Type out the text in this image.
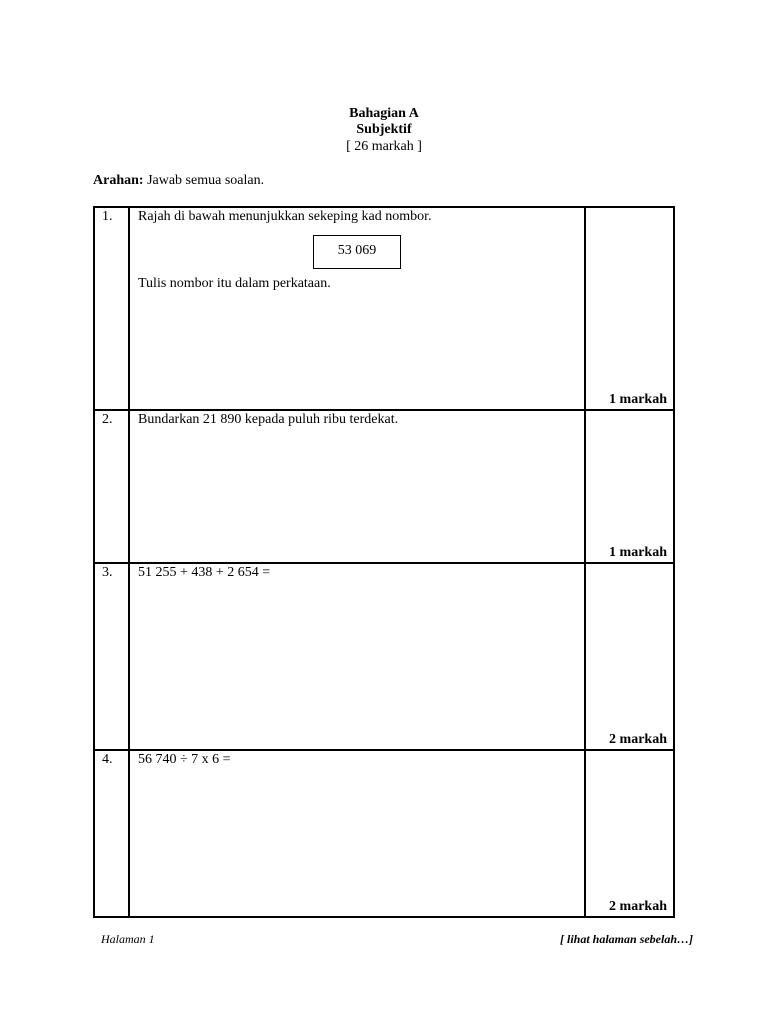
Bahagian A
Subjektif
[ 26 markah ]
Arahan: Jawab semua soalan.
1. Rajah di bawah menunjukkan sekeping kad nombor.
53 069
Tulis nombor itu dalam perkataan.
1 markah
2. Bundarkan 21 890 kepada puluh ribu terdekat.
1 markah
3. 51 255 + 438 + 2 654 =
2 markah
4. 56 740 ÷ 7 x 6 =
2 markah
Halaman 1	[ lihat halaman sebelah…]
